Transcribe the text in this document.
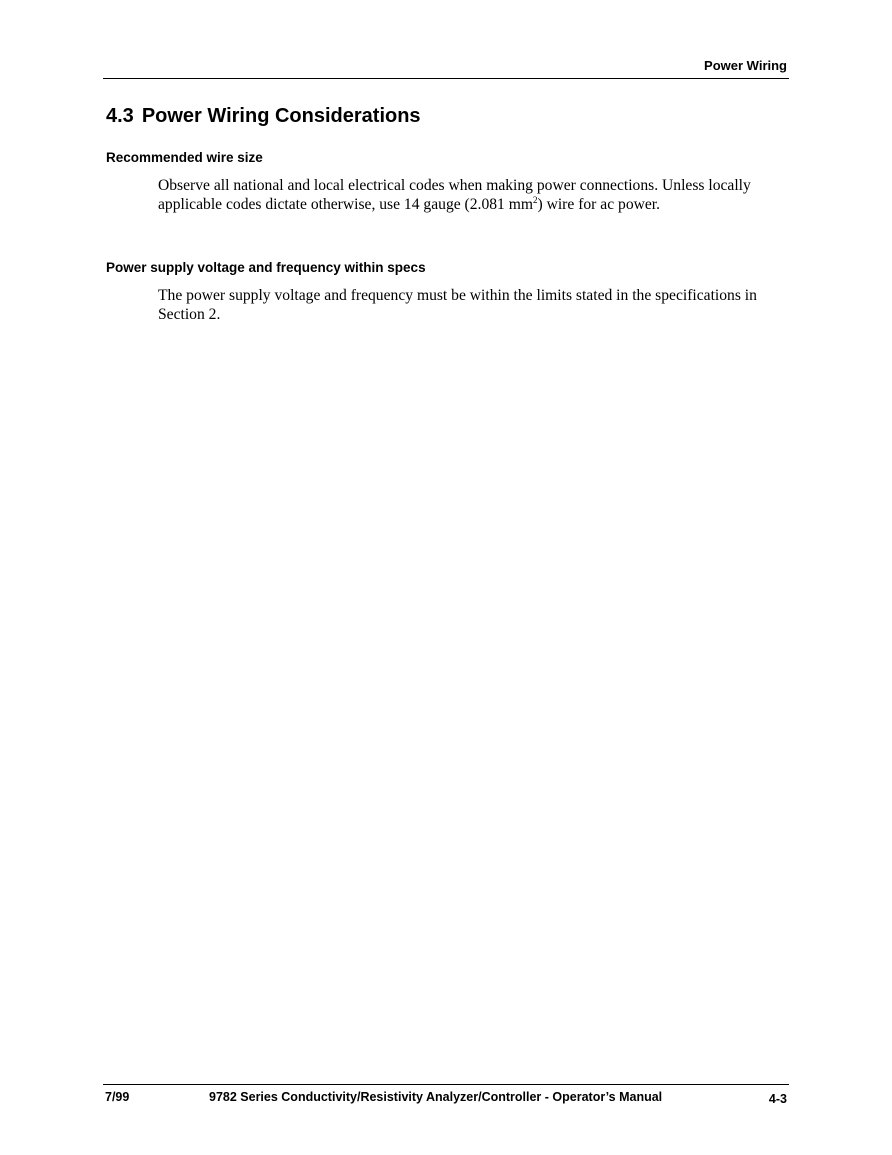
Power Wiring
4.3 Power Wiring Considerations
Recommended wire size

Observe all national and local electrical codes when making power connections. Unless locally applicable codes dictate otherwise, use 14 gauge (2.081 $mm^2$) wire for ac power.

Power supply voltage and frequency within specs

The power supply voltage and frequency must be within the limits stated in the specifications in Section 2.

7/99	9782 Series Conductivity/Resistivity Analyzer/Controller - Operator’s Manual	4-3
